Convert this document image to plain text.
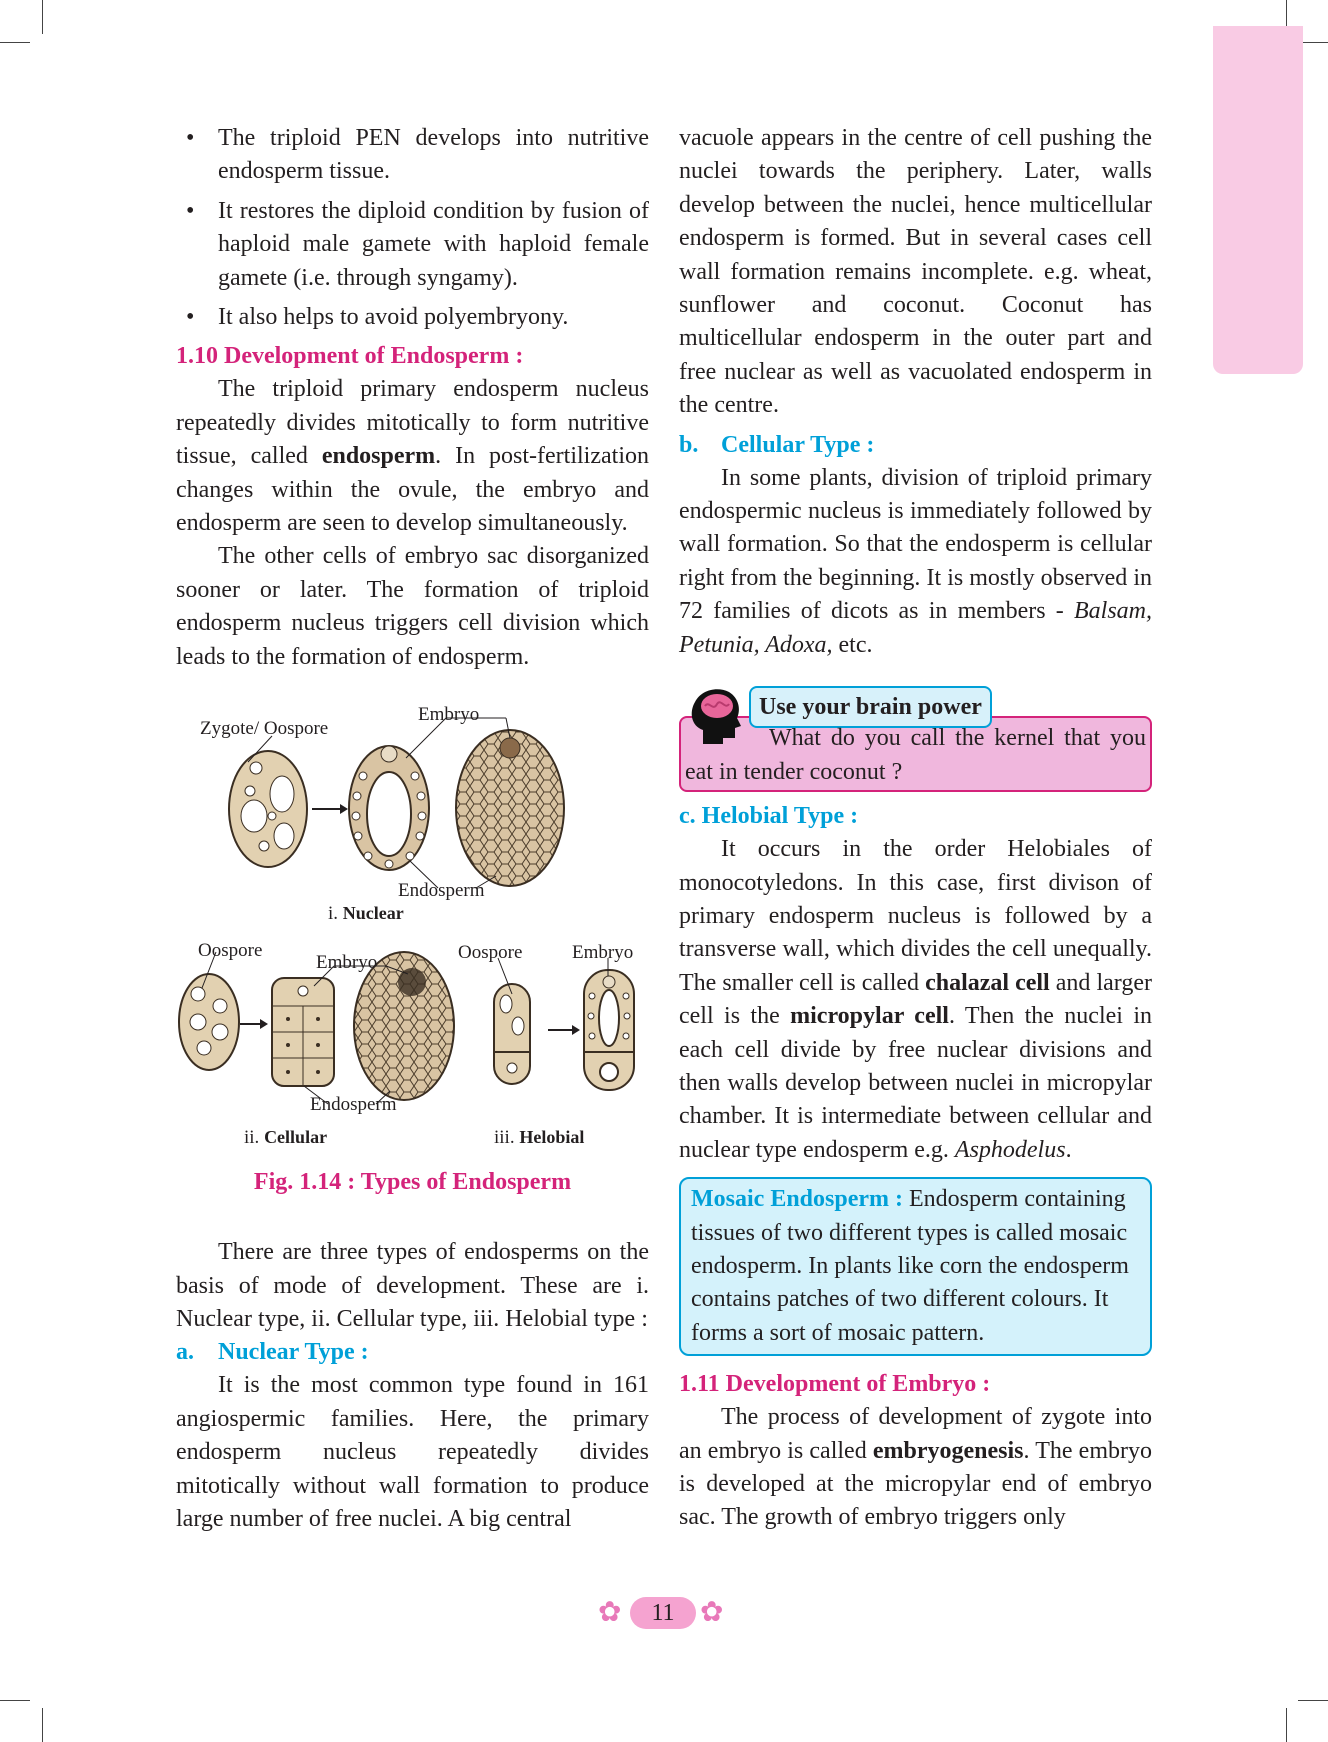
• The triploid PEN develops into nutritive endosperm tissue.
• It restores the diploid condition by fusion of haploid male gamete with haploid female gamete (i.e. through syngamy).
• It also helps to avoid polyembryony.
1.10 Development of Endosperm :

The triploid primary endosperm nucleus repeatedly divides mitotically to form nutritive tissue, called endosperm. In post-fertilization changes within the ovule, the embryo and endosperm are seen to develop simultaneously.

The other cells of embryo sac disorganized sooner or later. The formation of triploid endosperm nucleus triggers cell division which leads to the formation of endosperm.

Zygote/ Oospore
Embryo
Endosperm
i. Nuclear
Oospore
Embryo	Oospore	Embryo
Endosperm
ii. Cellular	iii. Helobial
Fig. 1.14 : Types of Endosperm

There are three types of endosperms on the basis of mode of development. These are i. Nuclear type, ii. Cellular type, iii. Helobial type :

a. Nuclear Type :

It is the most common type found in 161 angiospermic families. Here, the primary endosperm nucleus repeatedly divides mitotically without wall formation to produce large number of free nuclei. A big central

vacuole appears in the centre of cell pushing the nuclei towards the periphery. Later, walls develop between the nuclei, hence multicellular endosperm is formed. But in several cases cell wall formation remains incomplete. e.g. wheat, sunflower and coconut. Coconut has multicellular endosperm in the outer part and free nuclear as well as vacuolated endosperm in the centre.

b. Cellular Type :

In some plants, division of triploid primary endospermic nucleus is immediately followed by wall formation. So that the endosperm is cellular right from the beginning. It is mostly observed in 72 families of dicots as in members - Balsam, Petunia, Adoxa, etc.

Use your brain power

What do you call the kernel that you eat in tender coconut ?

c. Helobial Type :

It occurs in the order Helobiales of monocotyledons. In this case, first divison of primary endosperm nucleus is followed by a transverse wall, which divides the cell unequally. The smaller cell is called chalazal cell and larger cell is the micropylar cell. Then the nuclei in each cell divide by free nuclear divisions and then walls develop between nuclei in micropylar chamber. It is intermediate between cellular and nuclear type endosperm e.g. Asphodelus.

Mosaic Endosperm : Endosperm containing tissues of two different types is called mosaic endosperm. In plants like corn the endosperm contains patches of two different colours. It forms a sort of mosaic pattern.

1.11 Development of Embryo :

The process of development of zygote into an embryo is called embryogenesis. The embryo is developed at the micropylar end of embryo sac. The growth of embryo triggers only

✿	11 ✿
